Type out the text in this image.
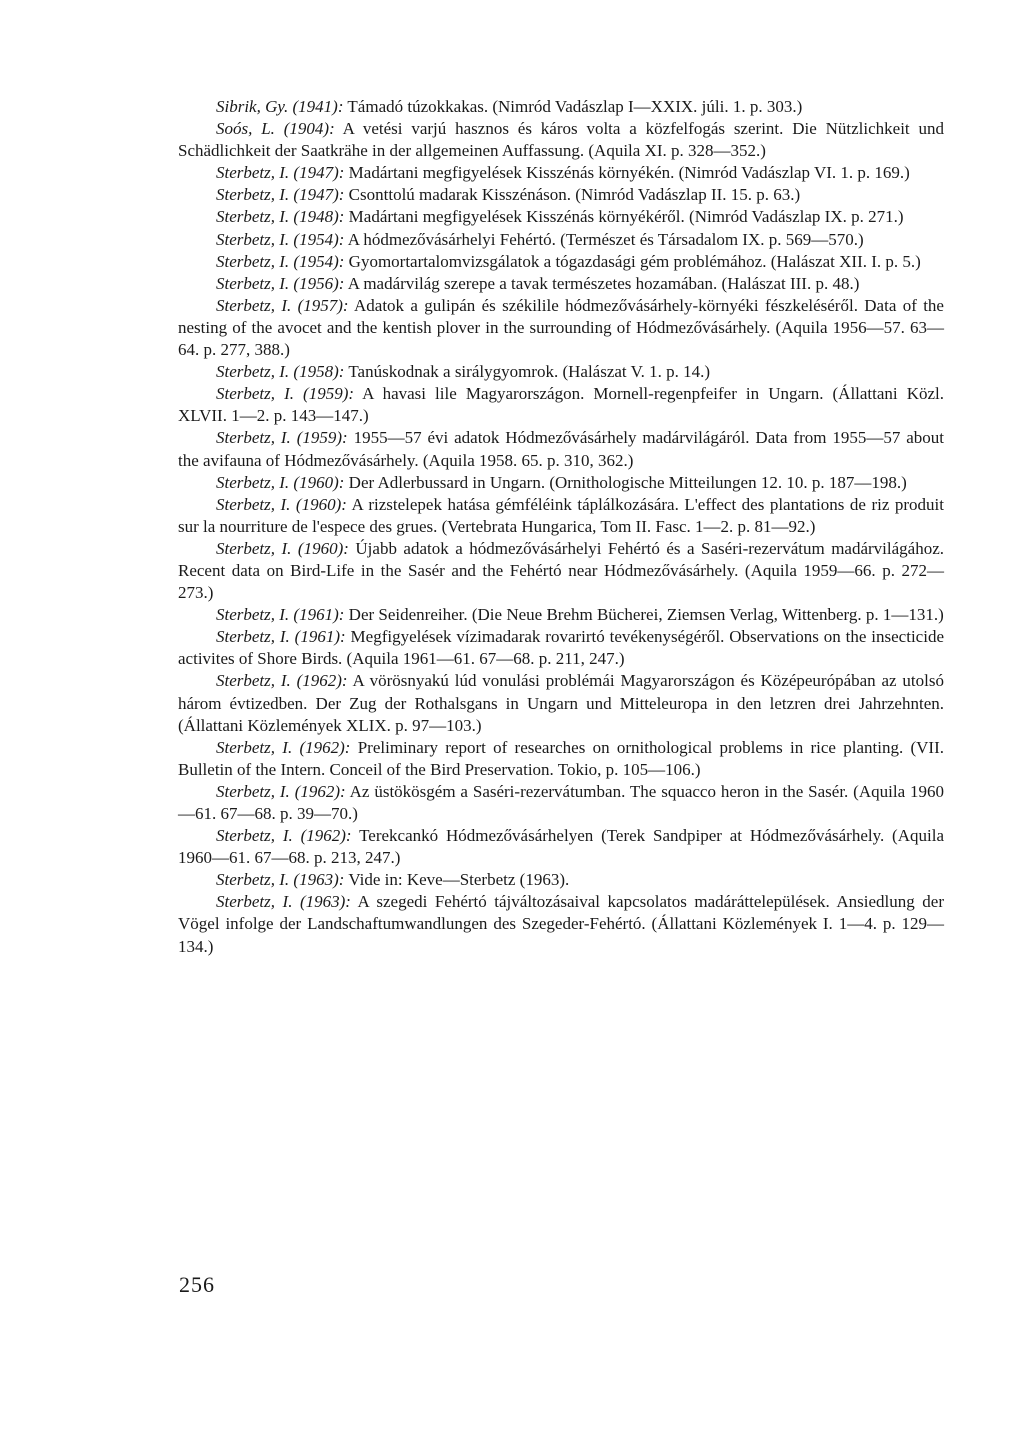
Sibrik, Gy. (1941): Támadó túzokkakas. (Nimród Vadászlap I—XXIX. júli. 1. p. 303.)

Soós, L. (1904): A vetési varjú hasznos és káros volta a közfelfogás szerint. Die Nützlichkeit und Schädlichkeit der Saatkrähe in der allgemeinen Auffassung. (Aquila XI. p. 328—352.)

Sterbetz, I. (1947): Madártani megfigyelések Kisszénás környékén. (Nimród Vadászlap VI. 1. p. 169.)

Sterbetz, I. (1947): Csonttolú madarak Kisszénáson. (Nimród Vadászlap II. 15. p. 63.)

Sterbetz, I. (1948): Madártani megfigyelések Kisszénás környékéről. (Nimród Vadászlap IX. p. 271.)

Sterbetz, I. (1954): A hódmezővásárhelyi Fehértó. (Természet és Társadalom IX. p. 569—570.)

Sterbetz, I. (1954): Gyomortartalomvizsgálatok a tógazdasági gém problémához. (Halászat XII. I. p. 5.)

Sterbetz, I. (1956): A madárvilág szerepe a tavak természetes hozamában. (Halászat III. p. 48.)

Sterbetz, I. (1957): Adatok a gulipán és székilile hódmezővásárhely-környéki fészkeléséről. Data of the nesting of the avocet and the kentish plover in the surrounding of Hódmezővásárhely. (Aquila 1956—57. 63—64. p. 277, 388.)

Sterbetz, I. (1958): Tanúskodnak a sirálygyomrok. (Halászat V. 1. p. 14.)

Sterbetz, I. (1959): A havasi lile Magyarországon. Mornell-regenpfeifer in Ungarn. (Állattani Közl. XLVII. 1—2. p. 143—147.)

Sterbetz, I. (1959): 1955—57 évi adatok Hódmezővásárhely madárvilágáról. Data from 1955—57 about the avifauna of Hódmezővásárhely. (Aquila 1958. 65. p. 310, 362.)

Sterbetz, I. (1960): Der Adlerbussard in Ungarn. (Ornithologische Mitteilungen 12. 10. p. 187—198.)

Sterbetz, I. (1960): A rizstelepek hatása gémféléink táplálkozására. L'effect des plantations de riz produit sur la nourriture de l'espece des grues. (Vertebrata Hungarica, Tom II. Fasc. 1—2. p. 81—92.)

Sterbetz, I. (1960): Újabb adatok a hódmezővásárhelyi Fehértó és a Saséri-rezervátum madárvilágához. Recent data on Bird-Life in the Sasér and the Fehértó near Hódmezővásárhely. (Aquila 1959—66. p. 272—273.)

Sterbetz, I. (1961): Der Seidenreiher. (Die Neue Brehm Bücherei, Ziemsen Verlag, Wittenberg. p. 1—131.)

Sterbetz, I. (1961): Megfigyelések vízimadarak rovarirtó tevékenységéről. Observations on the insecticide activites of Shore Birds. (Aquila 1961—61. 67—68. p. 211, 247.)

Sterbetz, I. (1962): A vörösnyakú lúd vonulási problémái Magyarországon és Középeurópában az utolsó három évtizedben. Der Zug der Rothalsgans in Ungarn und Mitteleuropa in den letzren drei Jahrzehnten. (Állattani Közlemények XLIX. p. 97—103.)

Sterbetz, I. (1962): Preliminary report of researches on ornithological problems in rice planting. (VII. Bulletin of the Intern. Conceil of the Bird Preservation. Tokio, p. 105—106.)

Sterbetz, I. (1962): Az üstökösgém a Saséri-rezervátumban. The squacco heron in the Sasér. (Aquila 1960—61. 67—68. p. 39—70.)

Sterbetz, I. (1962): Terekcankó Hódmezővásárhelyen (Terek Sandpiper at Hódmezővásárhely. (Aquila 1960—61. 67—68. p. 213, 247.)

Sterbetz, I. (1963): Vide in: Keve—Sterbetz (1963).

Sterbetz, I. (1963): A szegedi Fehértó tájváltozásaival kapcsolatos madáráttelepülések. Ansiedlung der Vögel infolge der Landschaftumwandlungen des Szegeder-Fehértó. (Állattani Közlemények I. 1—4. p. 129—134.)

256
